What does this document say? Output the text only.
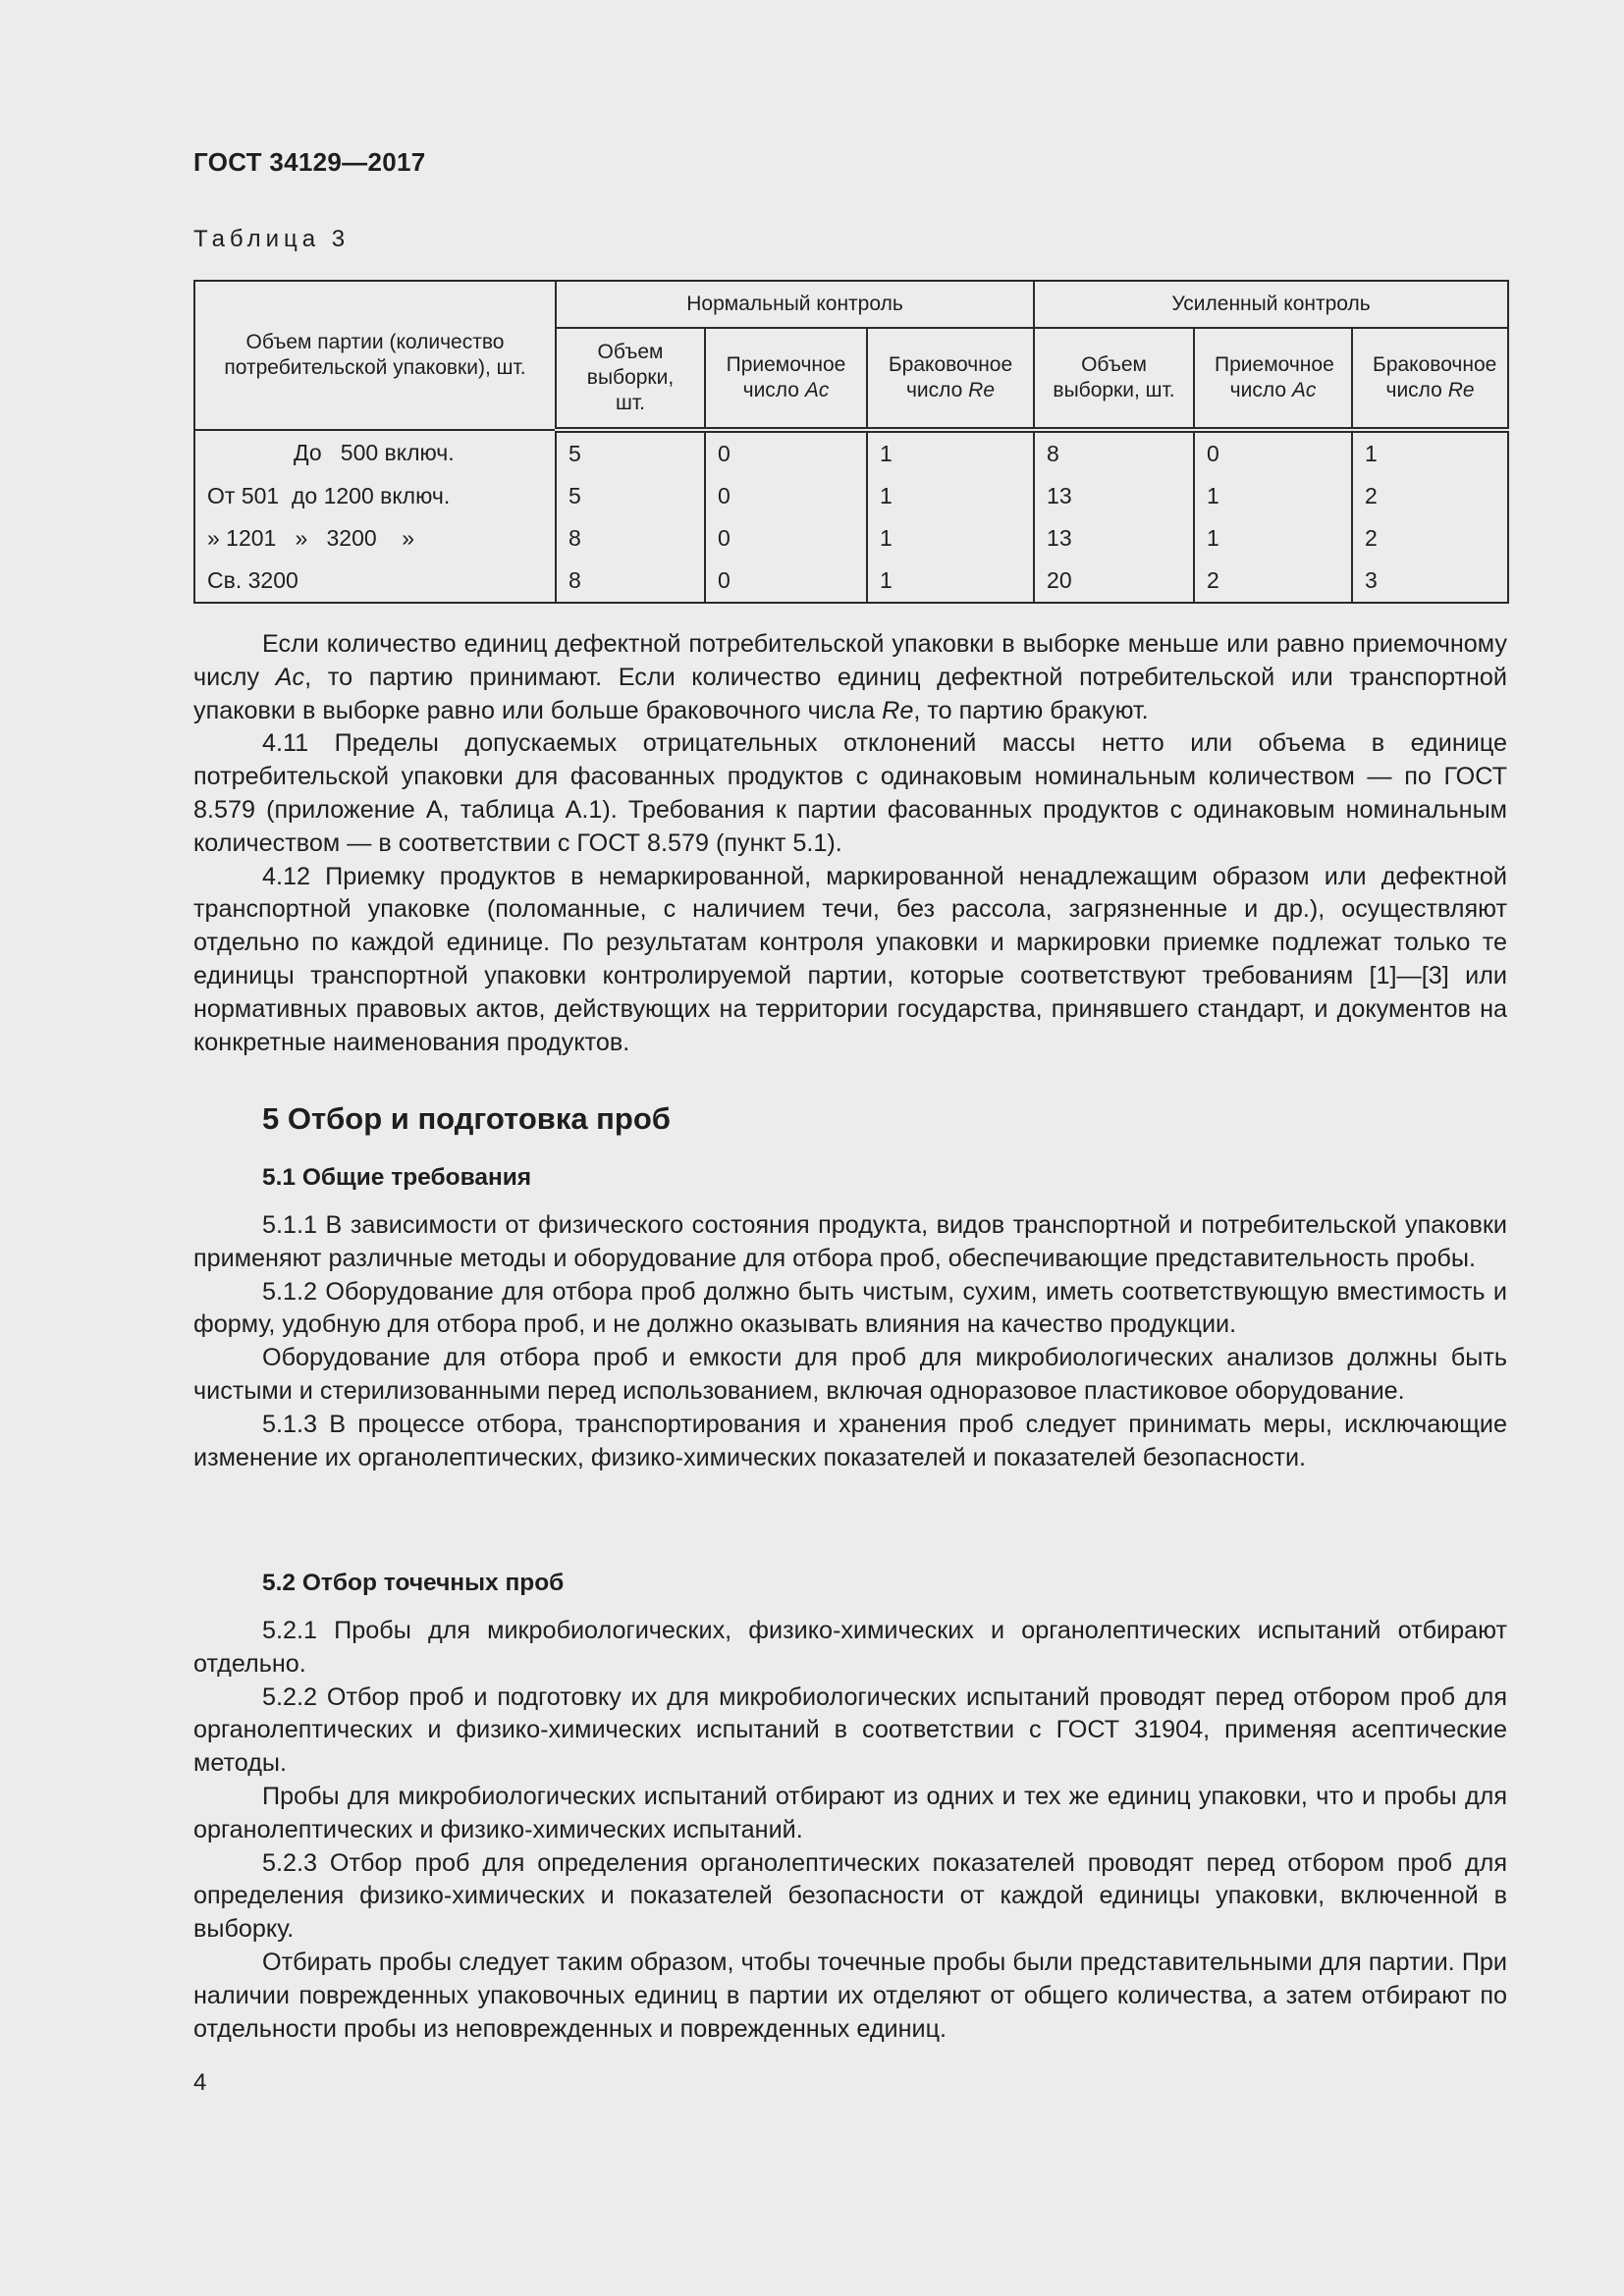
ГОСТ 34129—2017
Таблица 3
Объем партии (количество потребительской упаковки), шт.	Нормальный контроль			Усиленный контроль		
	Объем выборки, шт.	Приемочное число Ac	Браковочное число Re	Объем выборки, шт.	Приемочное число Ac	Браковочное число Re
До   500 включ.	5	0	1	8	0	1
От 501  до 1200 включ.	5	0	1	13	1	2
» 1201   »   3200    »	8	0	1	13	1	2
Св. 3200	8	0	1	20	2	3

Если количество единиц дефектной потребительской упаковки в выборке меньше или равно приемочному числу Ac, то партию принимают. Если количество единиц дефектной потребительской или транспортной упаковки в выборке равно или больше браковочного числа Re, то партию бракуют.

4.11 Пределы допускаемых отрицательных отклонений массы нетто или объема в единице потребительской упаковки для фасованных продуктов с одинаковым номинальным количеством — по ГОСТ 8.579 (приложение А, таблица А.1). Требования к партии фасованных продуктов с одинаковым номинальным количеством — в соответствии с ГОСТ 8.579 (пункт 5.1).

4.12 Приемку продуктов в немаркированной, маркированной ненадлежащим образом или дефектной транспортной упаковке (поломанные, с наличием течи, без рассола, загрязненные и др.), осуществляют отдельно по каждой единице. По результатам контроля упаковки и маркировки приемке подлежат только те единицы транспортной упаковки контролируемой партии, которые соответствуют требованиям [1]—[3] или нормативных правовых актов, действующих на территории государства, принявшего стандарт, и документов на конкретные наименования продуктов.

5 Отбор и подготовка проб
5.1 Общие требования

5.1.1 В зависимости от физического состояния продукта, видов транспортной и потребительской упаковки применяют различные методы и оборудование для отбора проб, обеспечивающие представительность пробы.

5.1.2 Оборудование для отбора проб должно быть чистым, сухим, иметь соответствующую вместимость и форму, удобную для отбора проб, и не должно оказывать влияния на качество продукции.

Оборудование для отбора проб и емкости для проб для микробиологических анализов должны быть чистыми и стерилизованными перед использованием, включая одноразовое пластиковое оборудование.

5.1.3 В процессе отбора, транспортирования и хранения проб следует принимать меры, исключающие изменение их органолептических, физико-химических показателей и показателей безопасности.

5.2 Отбор точечных проб

5.2.1 Пробы для микробиологических, физико-химических и органолептических испытаний отбирают отдельно.

5.2.2 Отбор проб и подготовку их для микробиологических испытаний проводят перед отбором проб для органолептических и физико-химических испытаний в соответствии с ГОСТ 31904, применяя асептические методы.

Пробы для микробиологических испытаний отбирают из одних и тех же единиц упаковки, что и пробы для органолептических и физико-химических испытаний.

5.2.3 Отбор проб для определения органолептических показателей проводят перед отбором проб для определения физико-химических и показателей безопасности от каждой единицы упаковки, включенной в выборку.

Отбирать пробы следует таким образом, чтобы точечные пробы были представительными для партии. При наличии поврежденных упаковочных единиц в партии их отделяют от общего количества, а затем отбирают по отдельности пробы из неповрежденных и поврежденных единиц.

4
